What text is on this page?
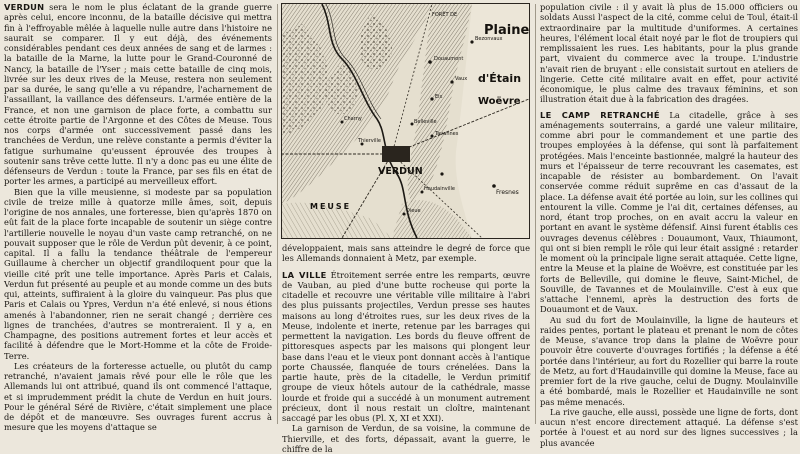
VERDUN sera le nom le plus éclatant de la grande guerre après celui, encore inconnu, de la bataille décisive qui mettra fin à l'effroyable mêlée à laquelle nulle autre dans l'histoire ne saurait se comparer. Il y eut déjà, des événements considérables pendant ces deux années de sang et de larmes : la bataille de la Marne, la lutte pour le Grand-Couronné de Nancy, la bataille de l'Yser ; mais cette bataille de cinq mois, livrée sur les deux rives de la Meuse, restera non seulement par sa durée, le sang qu'elle a vu répandre, l'acharnement de l'assaillant, la vaillance des défenseurs. L'armée entière de la France, et non une garnison de place forte, a combattu sur cette étroite partie de l'Argonne et des Côtes de Meuse. Tous nos corps d'armée ont successivement passé dans les tranchées de Verdun, une relève constante a permis d'éviter la fatigue surhumaine qu'eussent éprouvée des troupes à soutenir sans trêve cette lutte. Il n'y a donc pas eu une élite de défenseurs de Verdun : toute la France, par ses fils en état de porter les armes, a participé au merveilleux effort.

Bien que la ville meusienne, si modeste par sa population civile de treize mille à quatorze mille âmes, soit, depuis l'origine de nos annales, une forteresse, bien qu'après 1870 on eût fait de la place forte incapable de soutenir un siège contre l'artillerie nouvelle le noyau d'un vaste camp retranché, on ne pouvait supposer que le rôle de Verdun pût devenir, à ce point, capital. Il a fallu la tendance théâtrale de l'empereur Guillaume à chercher un objectif grandiloquent pour que la vieille cité prît une telle importance. Après Paris et Calais, Verdun fut présenté au peuple et au monde comme un des buts qui, atteints, suffiraient à la gloire du vainqueur. Pas plus que Paris et Calais ou Ypres, Verdun n'a été enlevé, si nous étions amenés à l'abandonner, rien ne serait changé ; derrière ces lignes de tranchées, d'autres se montreraient. Il y a, en Champagne, des positions autrement fortes et leur accès et facilité à défendre que le Mort-Homme et la côte de Froide-Terre.

Les créateurs de la forteresse actuelle, ou plutôt du camp retranché, n'avaient jamais rêvé pour elle le rôle que les Allemands lui ont attribué, quand ils ont commencé l'attaque, et si imprudemment prédit la chute de Verdun en huit jours. Pour le général Séré de Rivière, c'était simplement une place de dépôt et de manœuvre. Ses ouvrages furent accrus à mesure que les moyens d'attaque se

Plaine
d'Étain
Woëvre
VERDUN
Douaumont
Vaux
Fresnes
Bezonvaux
Eix
Belleville
Tavannes
Haudainville
Dieue
MEUSE
FORÊT DE
Charny
Thierville

développaient, mais sans atteindre le degré de force que les Allemands donnaient à Metz, par exemple.

LA VILLE Étroitement serrée entre les remparts, œuvre de Vauban, au pied d'une butte rocheuse qui porte la citadelle et recouvre une véritable ville militaire à l'abri des plus puissants projectiles, Verdun presse ses hautes maisons au long d'étroites rues, sur les deux rives de la Meuse, indolente et inerte, retenue par les barrages qui permettent la navigation. Les bords du fleuve offrent de pittoresques aspects par les maisons qui plongent leur base dans l'eau et le vieux pont donnant accès à l'antique porte Chaussée, flanquée de tours crénelées. Dans la partie haute, près de la citadelle, le Verdun primitif groupe de vieux hôtels autour de la cathédrale, masse lourde et froide qui a succédé à un monument autrement précieux, dont il nous restait un cloître, maintenant saccagé par les obus (Pl. X, XI et XXI).

La garnison de Verdun, de sa voisine, la commune de Thierville, et des forts, dépassait, avant la guerre, le chiffre de la

population civile : il y avait là plus de 15.000 officiers ou soldats Aussi l'aspect de la cité, comme celui de Toul, était-il extraordinaire par la multitude d'uniformes. A certaines heures, l'élément local était noyé par le flot de troupiers qui remplissaient les rues. Les habitants, pour la plus grande part, vivaient du commerce avec la troupe. L'industrie n'avait rien de bruyant : elle consistait surtout en ateliers de lingerie. Cette cité militaire avait en effet, pour activité économique, le plus calme des travaux féminins, et son illustration était due à la fabrication des dragées.

LE CAMP RETRANCHÉ La citadelle, grâce à ses aménagements souterrains, a gardé une valeur militaire, comme abri pour le commandement et une partie des troupes employées à la défense, qui sont là parfaitement protégées. Mais l'enceinte bastionnée, malgré la hauteur des murs et l'épaisseur de terre recouvrant les casemates, est incapable de résister au bombardement. On l'avait conservée comme réduit suprême en cas d'assaut de la place. La défense avait été portée au loin, sur les collines qui entourent la ville. Comme je l'ai dit, certaines défenses, au nord, étant trop proches, on en avait accru la valeur en portant en avant le système défensif. Ainsi furent établis ces ouvrages devenus célèbres : Douaumont, Vaux, Thiaumont, qui ont si bien rempli le rôle qui leur était assigné : retarder le moment où la principale ligne serait attaquée. Cette ligne, entre la Meuse et la plaine de Woëvre, est constituée par les forts de Belleville, qui domine le fleuve, Saint-Michel, de Souville, de Tavannes et de Moulainville. C'est à eux que s'attache l'ennemi, après la destruction des forts de Douaumont et de Vaux.

Au sud du fort de Moulainville, la ligne de hauteurs et raides pentes, portant le plateau et prenant le nom de côtes de Meuse, s'avance trop dans la plaine de Woëvre pour pouvoir être couverte d'ouvrages fortifiés ; la défense a été portée dans l'intérieur, au fort du Rozellier qui barre la route de Metz, au fort d'Haudainville qui domine la Meuse, face au premier fort de la rive gauche, celui de Dugny. Moulainville a été bombardé, mais le Rozellier et Haudainville ne sont pas même menacés.

La rive gauche, elle aussi, possède une ligne de forts, dont aucun n'est encore directement attaqué. La défense s'est portée à l'ouest et au nord sur des lignes successives ; la plus avancée
